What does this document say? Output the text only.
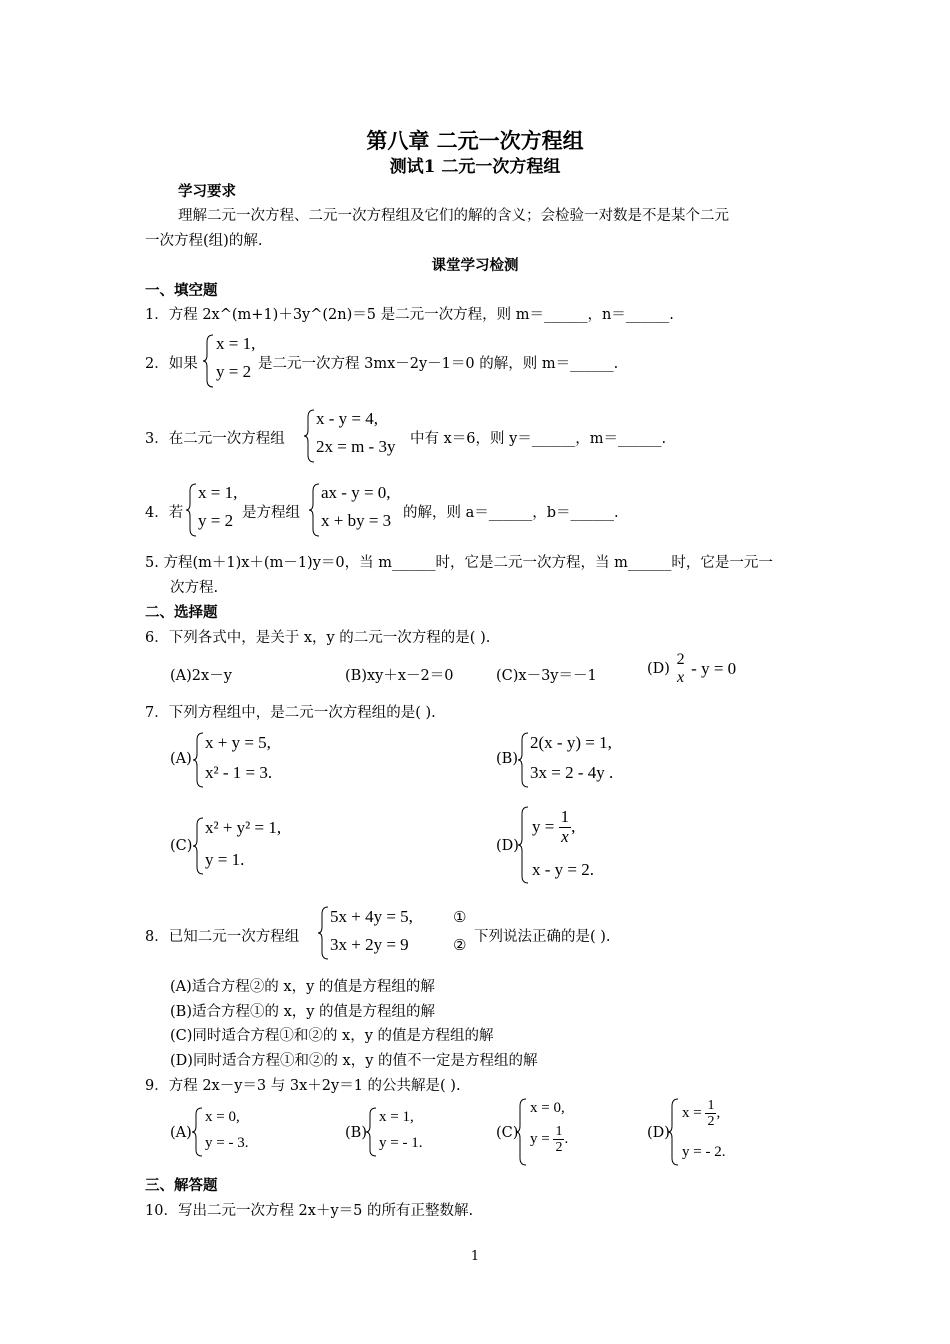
第八章 二元一次方程组
测试1 二元一次方程组
学习要求
理解二元一次方程、二元一次方程组及它们的解的含义；会检验一对数是不是某个二元
一次方程(组)的解.
课堂学习检测
一、填空题
1．方程 2x^(m+1)＋3y^(2n)＝5 是二元一次方程，则 m＝______，n＝______.
2．如果
x = 1,
y = 2 是二元一次方程 3mx－2y－1＝0 的解，则 m＝______.
3．在二元一次方程组
x - y = 4,
2x = m - 3y 中有 x＝6，则 y＝______，m＝______.
4．若
x = 1,
y = 2 是方程组
ax - y = 0,
x + by = 3 的解，则 a＝______，b＝______.
5. 方程(m＋1)x＋(m－1)y＝0，当 m______时，它是二元一次方程，当 m______时，它是一元一
次方程.
二、选择题
6．下列各式中，是关于 x，y 的二元一次方程的是( ).
(A)2x－y	(B)xy＋x－2＝0	(C)x－3y＝－1	(D)
2
x - y = 0
7．下列方程组中，是二元一次方程组的是( ).
(A)
x + y = 5,
x² - 1 = 3.
(B)
2(x - y) = 1,
3x = 2 - 4y .
(C)
x² + y² = 1,
y = 1.
(D)
$y = \frac{1}{x}$ ,
x - y = 2.
8．已知二元一次方程组
5x + 4y = 5,
3x + 2y = 9
①
② 下列说法正确的是( ).
(A)适合方程②的 x，y 的值是方程组的解
(B)适合方程①的 x，y 的值是方程组的解
(C)同时适合方程①和②的 x，y 的值是方程组的解
(D)同时适合方程①和②的 x，y 的值不一定是方程组的解
9．方程 2x－y＝3 与 3x＋2y＝1 的公共解是( ).
(A)
x = 0,
y = - 3.
(B)
x = 1,
y = - 1.
(C)
x = 0,
$y = \frac{1}{2}$ .	(D)
$x = \frac{1}{2}$ ,
y = - 2.
三、解答题
10．写出二元一次方程 2x＋y＝5 的所有正整数解.
1
